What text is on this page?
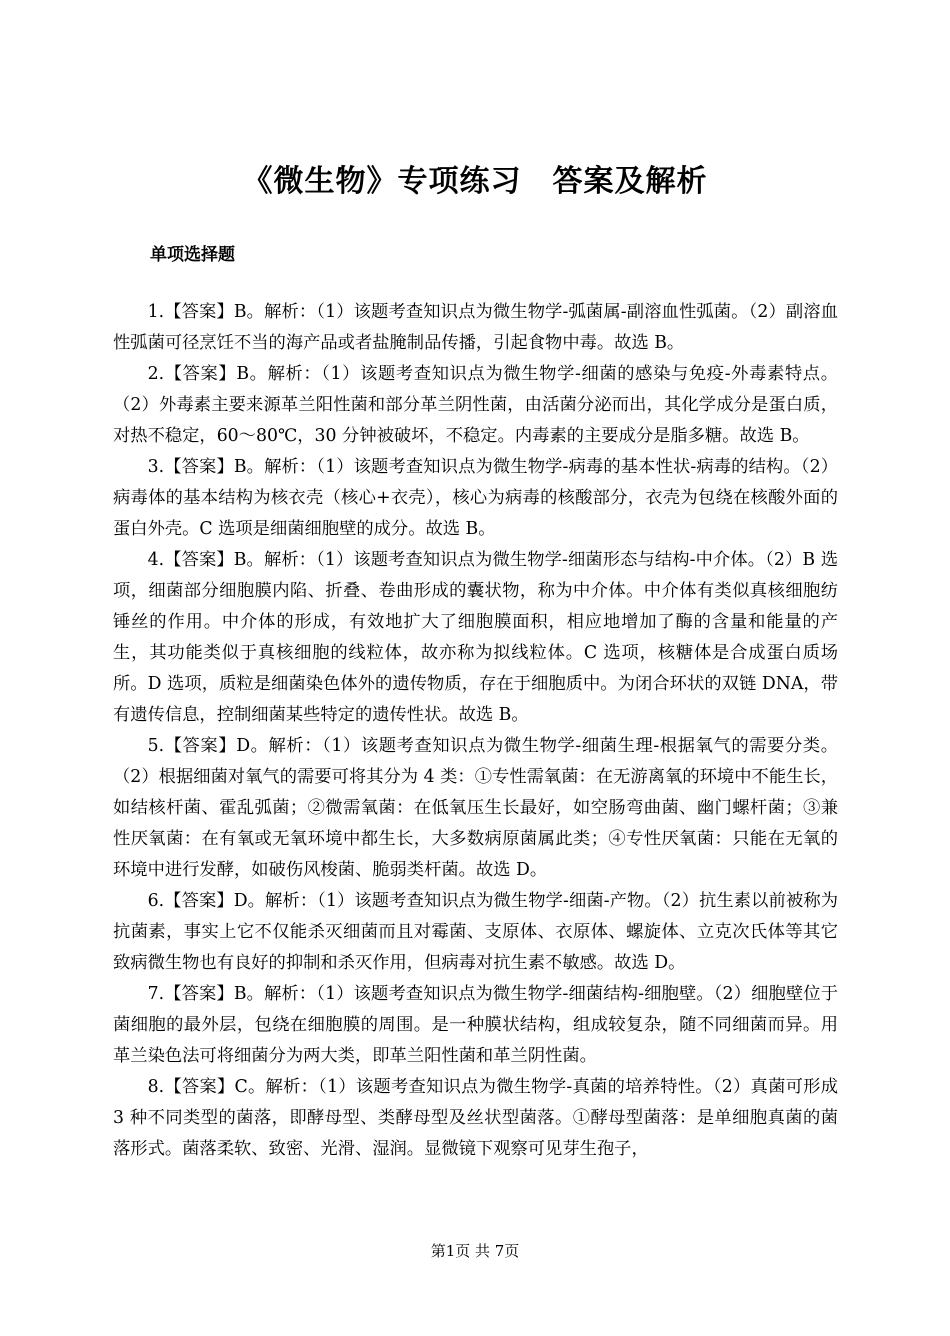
《微生物》专项练习　答案及解析
单项选择题

1.【答案】B。解析：（1）该题考查知识点为微生物学-弧菌属-副溶血性弧菌。（2）副溶血性弧菌可径烹饪不当的海产品或者盐腌制品传播，引起食物中毒。故选 B。

2.【答案】B。解析：（1）该题考查知识点为微生物学-细菌的感染与免疫-外毒素特点。（2）外毒素主要来源革兰阳性菌和部分革兰阴性菌，由活菌分泌而出，其化学成分是蛋白质，对热不稳定，60～80℃，30 分钟被破坏，不稳定。内毒素的主要成分是脂多糖。故选 B。

3.【答案】B。解析：（1）该题考查知识点为微生物学-病毒的基本性状-病毒的结构。（2）病毒体的基本结构为核衣壳（核心+衣壳），核心为病毒的核酸部分，衣壳为包绕在核酸外面的蛋白外壳。C 选项是细菌细胞壁的成分。故选 B。

4.【答案】B。解析：（1）该题考查知识点为微生物学-细菌形态与结构-中介体。（2）B 选项，细菌部分细胞膜内陷、折叠、卷曲形成的囊状物，称为中介体。中介体有类似真核细胞纺锤丝的作用。中介体的形成，有效地扩大了细胞膜面积，相应地增加了酶的含量和能量的产生，其功能类似于真核细胞的线粒体，故亦称为拟线粒体。C 选项，核糖体是合成蛋白质场所。D 选项，质粒是细菌染色体外的遗传物质，存在于细胞质中。为闭合环状的双链 DNA，带有遗传信息，控制细菌某些特定的遗传性状。故选 B。

5.【答案】D。解析：（1）该题考查知识点为微生物学-细菌生理-根据氧气的需要分类。（2）根据细菌对氧气的需要可将其分为 4 类：①专性需氧菌：在无游离氧的环境中不能生长，如结核杆菌、霍乱弧菌；②微需氧菌：在低氧压生长最好，如空肠弯曲菌、幽门螺杆菌；③兼性厌氧菌：在有氧或无氧环境中都生长，大多数病原菌属此类；④专性厌氧菌：只能在无氧的环境中进行发酵，如破伤风梭菌、脆弱类杆菌。故选 D。

6.【答案】D。解析：（1）该题考查知识点为微生物学-细菌-产物。（2）抗生素以前被称为抗菌素，事实上它不仅能杀灭细菌而且对霉菌、支原体、衣原体、螺旋体、立克次氏体等其它致病微生物也有良好的抑制和杀灭作用，但病毒对抗生素不敏感。故选 D。

7.【答案】B。解析：（1）该题考查知识点为微生物学-细菌结构-细胞壁。（2）细胞壁位于菌细胞的最外层，包绕在细胞膜的周围。是一种膜状结构，组成较复杂，随不同细菌而异。用革兰染色法可将细菌分为两大类，即革兰阳性菌和革兰阴性菌。

8.【答案】C。解析：（1）该题考查知识点为微生物学-真菌的培养特性。（2）真菌可形成 3 种不同类型的菌落，即酵母型、类酵母型及丝状型菌落。①酵母型菌落：是单细胞真菌的菌落形式。菌落柔软、致密、光滑、湿润。显微镜下观察可见芽生孢子，

第1页 共 7页
